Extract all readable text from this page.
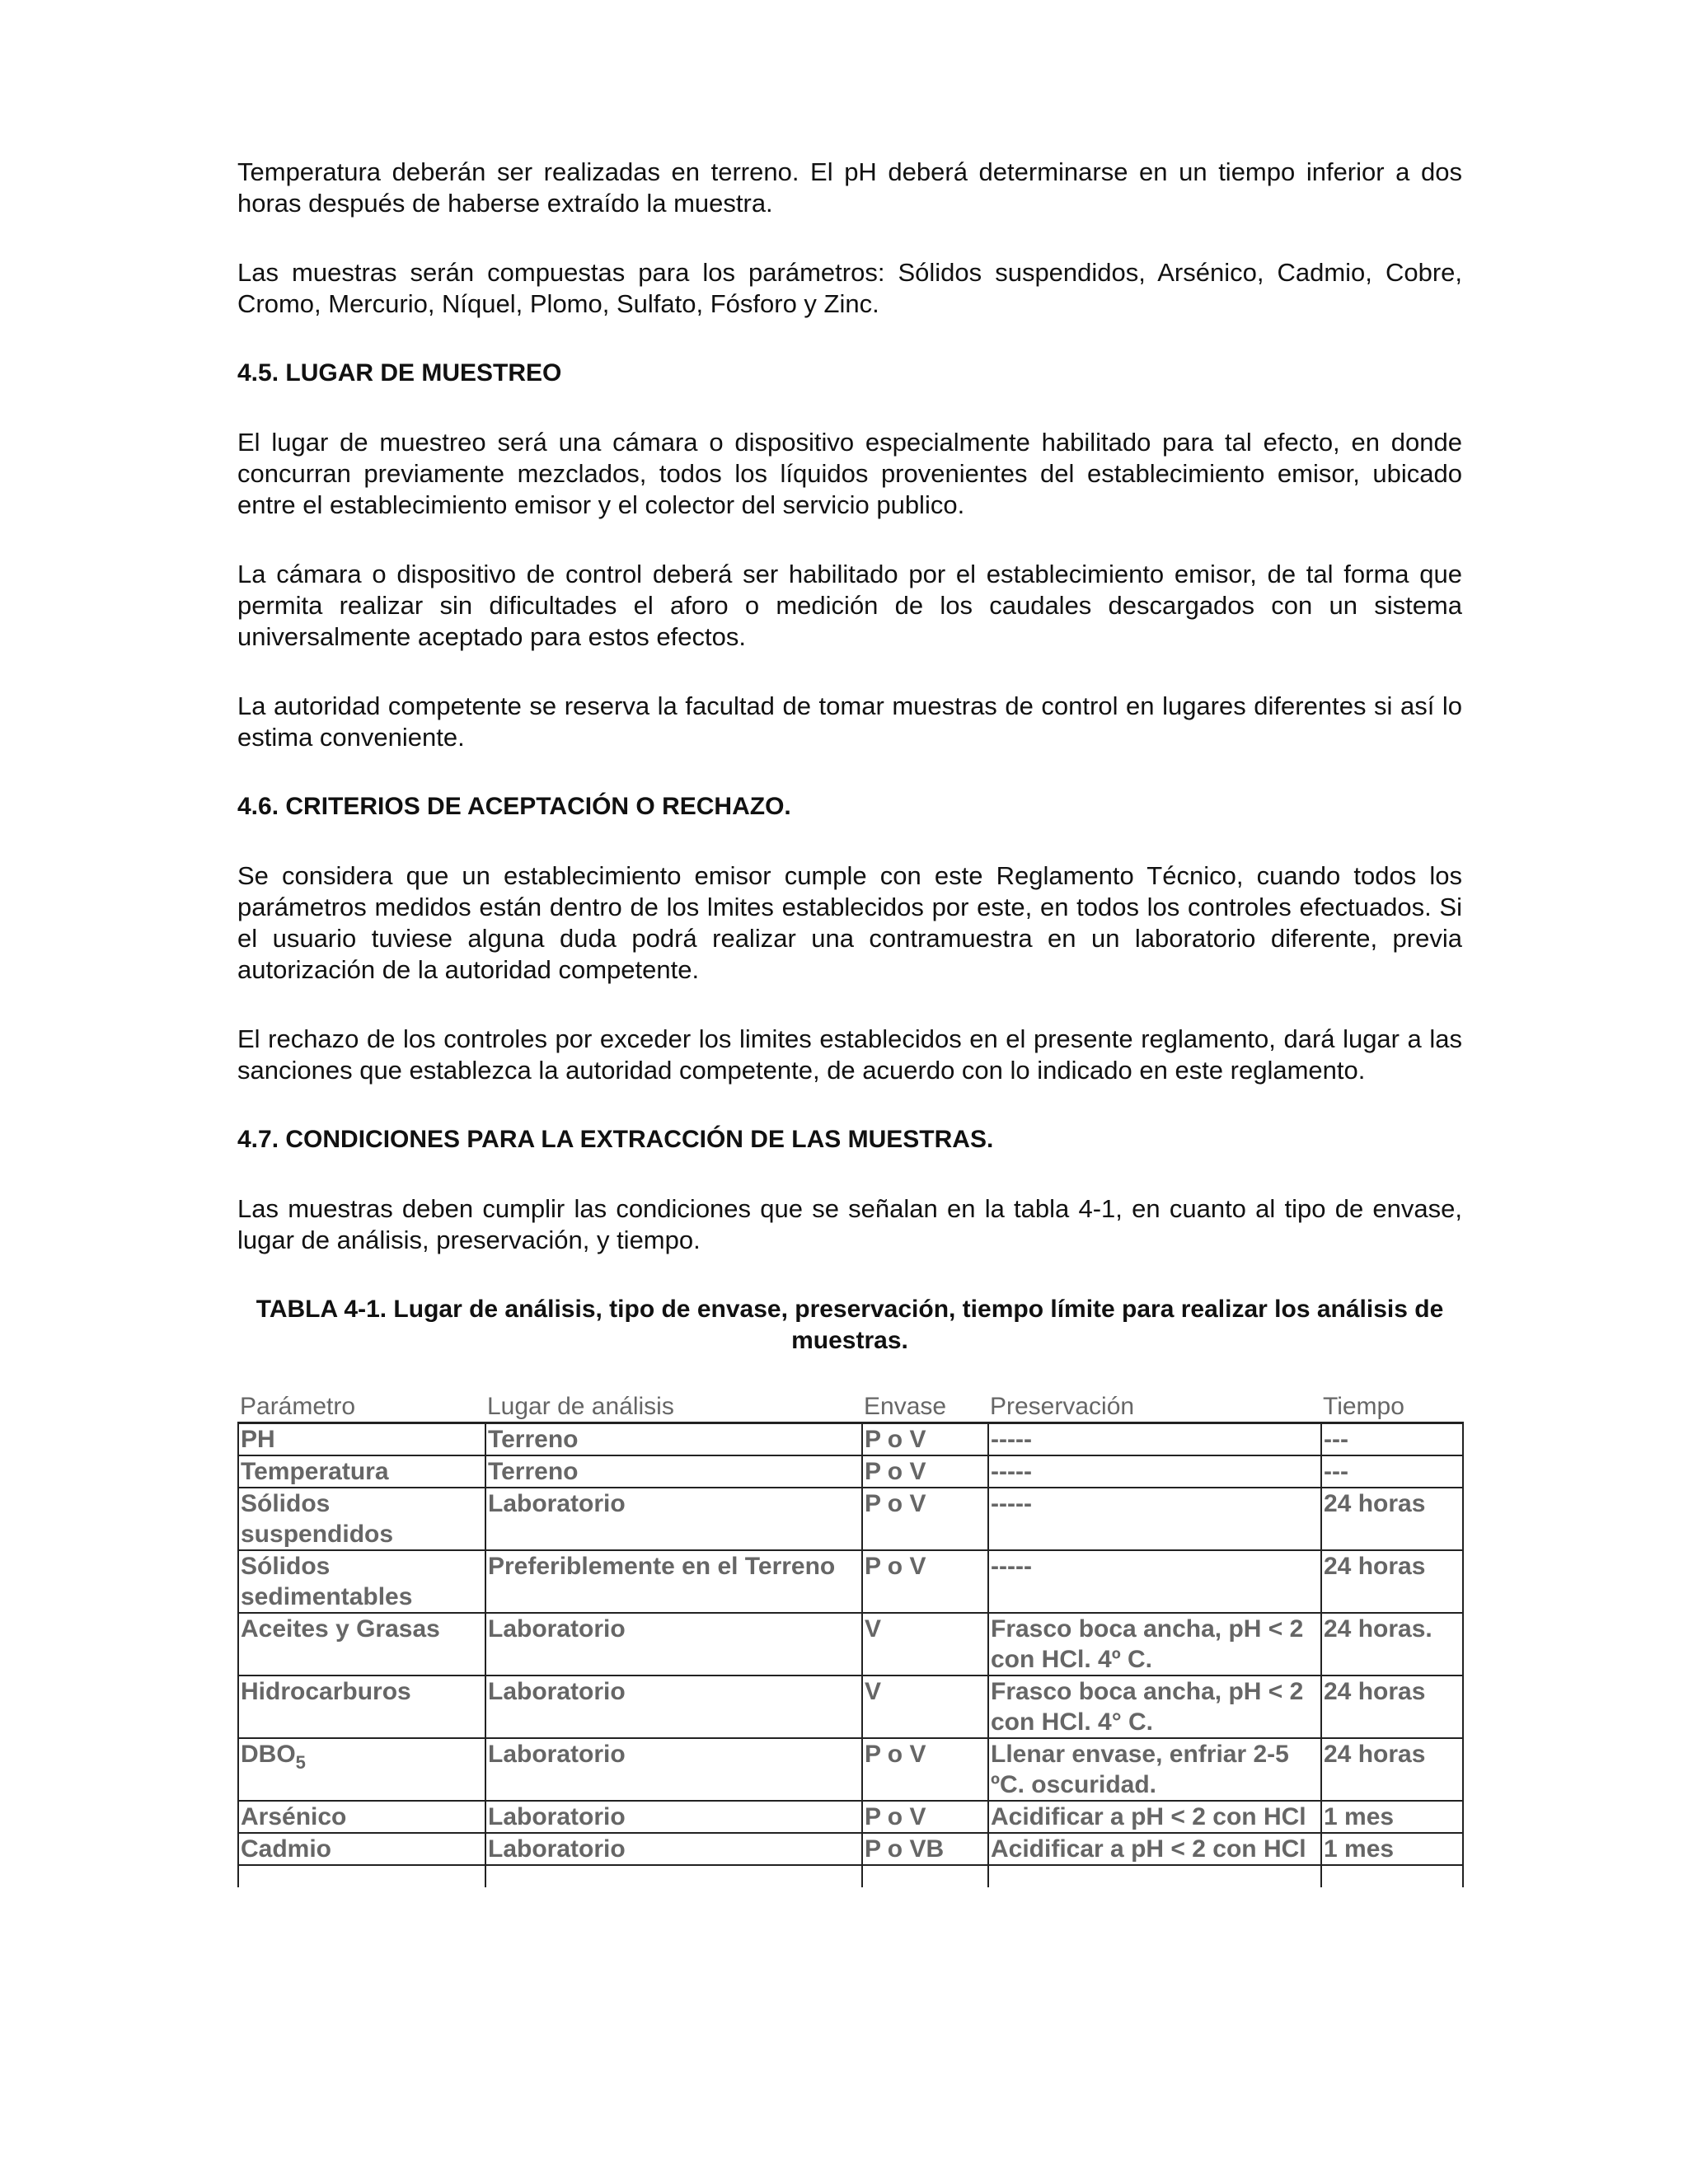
Temperatura deberán ser realizadas en terreno. El pH deberá determinarse en un tiempo inferior a dos horas después de haberse extraído la muestra.

Las muestras serán compuestas para los parámetros: Sólidos suspendidos, Arsénico, Cadmio, Cobre, Cromo, Mercurio, Níquel, Plomo, Sulfato, Fósforo y Zinc.

4.5. LUGAR DE MUESTREO

El lugar de muestreo será una cámara o dispositivo especialmente habilitado para tal efecto, en donde concurran previamente mezclados, todos los líquidos provenientes del establecimiento emisor, ubicado entre el establecimiento emisor y el colector del servicio publico.

La cámara o dispositivo de control deberá ser habilitado por el establecimiento emisor, de tal forma que permita realizar sin dificultades el aforo o medición de los caudales descargados con un sistema universalmente aceptado para estos efectos.

La autoridad competente se reserva la facultad de tomar muestras de control en lugares diferentes si así lo estima conveniente.

4.6. CRITERIOS DE ACEPTACIÓN O RECHAZO.

Se considera que un establecimiento emisor cumple con este Reglamento Técnico, cuando todos los parámetros medidos están dentro de los lmites establecidos por este, en todos los controles efectuados. Si el usuario tuviese alguna duda podrá realizar una contramuestra en un laboratorio diferente, previa autorización de la autoridad competente.

El rechazo de los controles por exceder los limites establecidos en el presente reglamento, dará lugar a las sanciones que establezca la autoridad competente, de acuerdo con lo indicado en este reglamento.

4.7. CONDICIONES PARA LA EXTRACCIÓN DE LAS MUESTRAS.

Las muestras deben cumplir las condiciones que se señalan en la tabla 4-1, en cuanto al tipo de envase, lugar de análisis, preservación, y tiempo.

TABLA 4-1. Lugar de análisis, tipo de envase, preservación, tiempo límite para realizar los análisis de muestras.
Parámetro	Lugar de análisis	Envase	Preservación	Tiempo
PH	Terreno	P o V	-----	---
Temperatura	Terreno	P o V	-----	---
Sólidos suspendidos	Laboratorio	P o V	-----	24 horas
Sólidos sedimentables	Preferiblemente en el Terreno	P o V	-----	24 horas
Aceites y Grasas	Laboratorio	V	Frasco boca ancha, pH < 2 con HCl. 4º C.	24 horas.
Hidrocarburos	Laboratorio	V	Frasco boca ancha, pH < 2 con HCl. 4° C.	24 horas
$DBO_5$	Laboratorio	P o V	Llenar envase, enfriar 2-5 ºC. oscuridad.	24 horas
Arsénico	Laboratorio	P o V	Acidificar a pH < 2 con HCl	1 mes
Cadmio	Laboratorio	P o VB	Acidificar a pH < 2 con HCl	1 mes
